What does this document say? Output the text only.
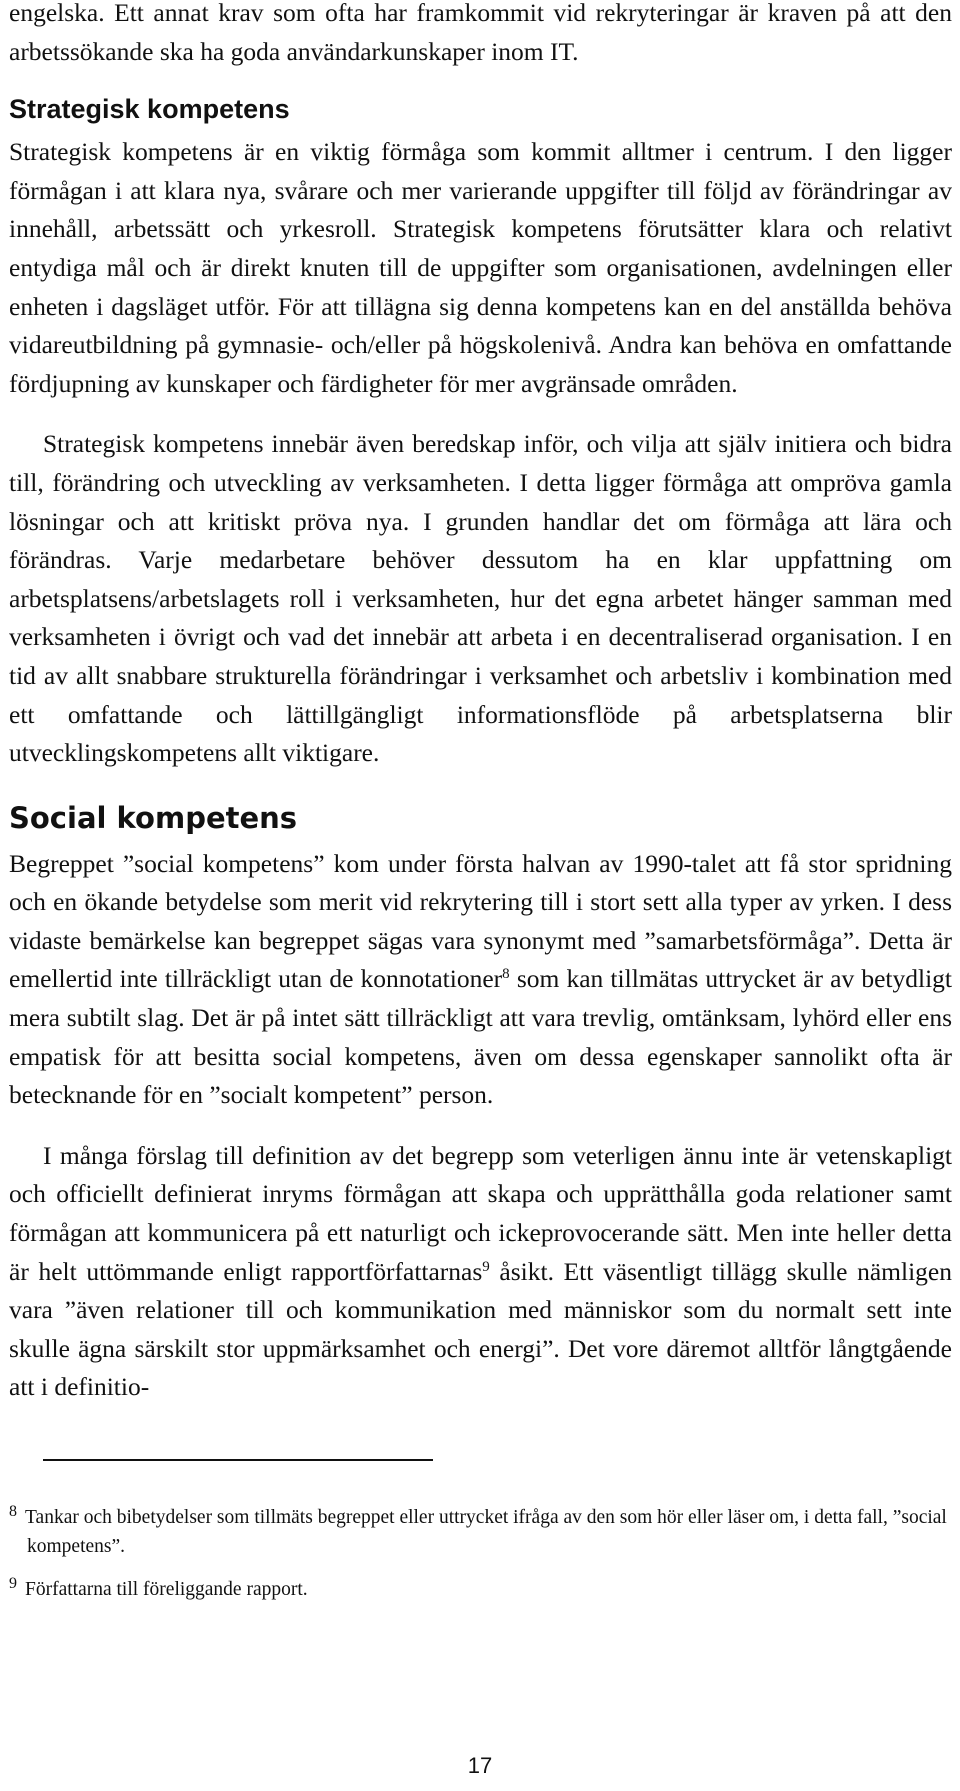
engelska. Ett annat krav som ofta har framkommit vid rekryteringar är kraven på att den arbetssökande ska ha goda användarkunskaper inom IT.

Strategisk kompetens

Strategisk kompetens är en viktig förmåga som kommit alltmer i centrum. I den ligger förmågan i att klara nya, svårare och mer varierande uppgifter till följd av förändringar av innehåll, arbetssätt och yrkesroll. Strategisk kompetens förutsätter klara och relativt entydiga mål och är direkt knuten till de uppgifter som organisationen, avdelningen eller enheten i dagsläget utför. För att tillägna sig denna kompetens kan en del anställda behöva vidareutbildning på gymnasie- och/eller på högskolenivå. Andra kan behöva en omfattande fördjupning av kunskaper och färdigheter för mer avgränsade områden.

Strategisk kompetens innebär även beredskap inför, och vilja att själv initiera och bidra till, förändring och utveckling av verksamheten. I detta ligger förmåga att ompröva gamla lösningar och att kritiskt pröva nya. I grunden handlar det om förmåga att lära och förändras. Varje medarbetare behöver dessutom ha en klar uppfattning om arbetsplatsens/arbetslagets roll i verksamheten, hur det egna arbetet hänger samman med verksamheten i övrigt och vad det innebär att arbeta i en decentraliserad organisation. I en tid av allt snabbare strukturella förändringar i verksamhet och arbetsliv i kombination med ett omfattande och lättillgängligt informationsflöde på arbetsplatserna blir utvecklingskompetens allt viktigare.

Social kompetens

Begreppet ”social kompetens” kom under första halvan av 1990-talet att få stor spridning och en ökande betydelse som merit vid rekrytering till i stort sett alla typer av yrken. I dess vidaste bemärkelse kan begreppet sägas vara synonymt med ”samarbetsförmåga”. Detta är emellertid inte tillräckligt utan de konnotationer$^8$ som kan tillmätas uttrycket är av betydligt mera subtilt slag. Det är på intet sätt tillräckligt att vara trevlig, omtänksam, lyhörd eller ens empatisk för att besitta social kompetens, även om dessa egenskaper sannolikt ofta är betecknande för en ”socialt kompetent” person.

I många förslag till definition av det begrepp som veterligen ännu inte är vetenskapligt och officiellt definierat inryms förmågan att skapa och upprätthålla goda relationer samt förmågan att kommunicera på ett naturligt och ickeprovocerande sätt. Men inte heller detta är helt uttömmande enligt rapportförfattarnas$^9$ åsikt. Ett väsentligt tillägg skulle nämligen vara ”även relationer till och kommunikation med människor som du normalt sett inte skulle ägna särskilt stor uppmärksamhet och energi”. Det vore däremot alltför långtgående att i definitio-

8 Tankar och bibetydelser som tillmäts begreppet eller uttrycket ifråga av den som hör eller läser om, i detta fall, ”social kompetens”.

9 Författarna till föreliggande rapport.

17
